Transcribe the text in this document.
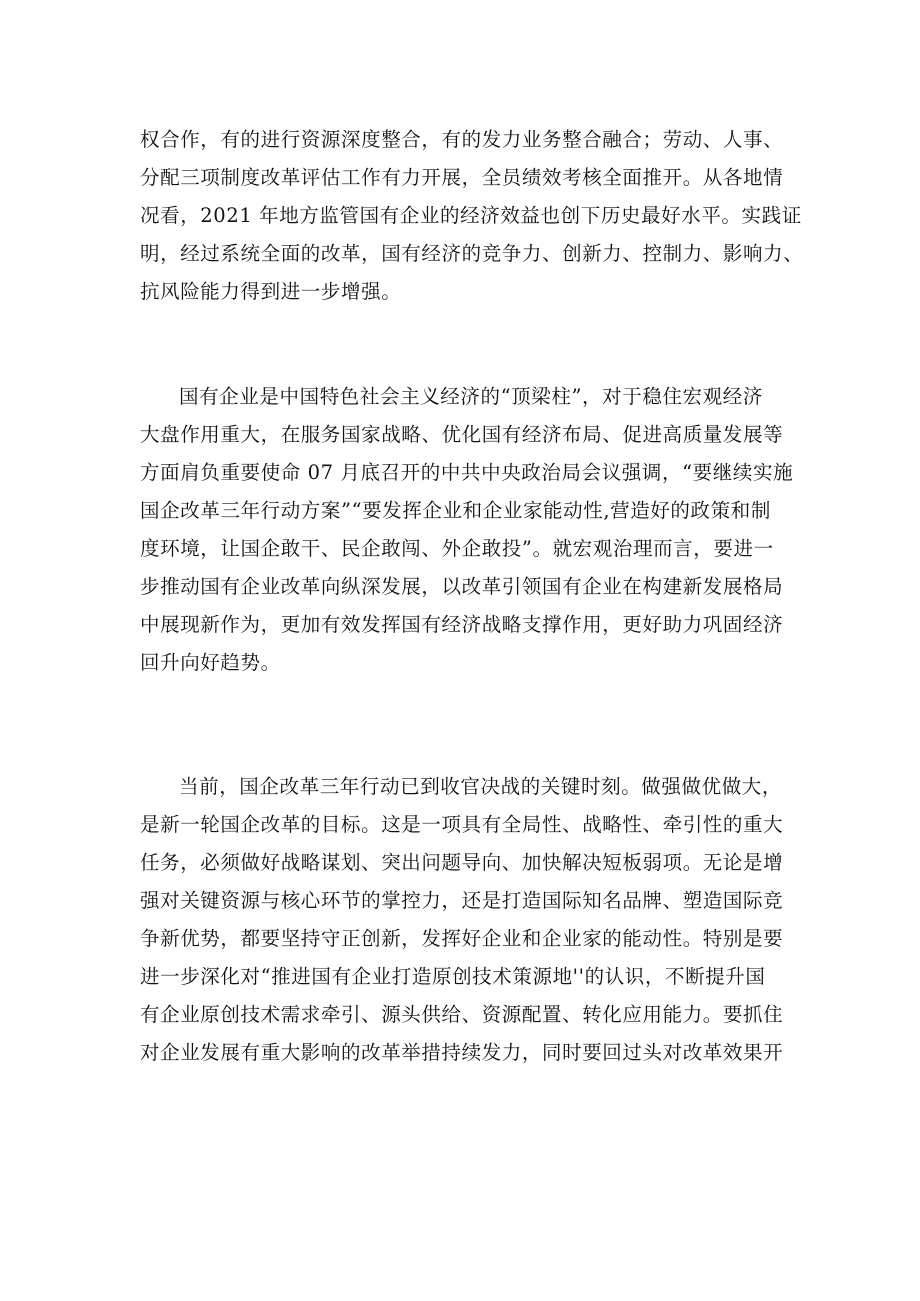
权合作，有的进行资源深度整合，有的发力业务整合融合；劳动、人事、
分配三项制度改革评估工作有力开展，全员绩效考核全面推开。从各地情
况看，2021 年地方监管国有企业的经济效益也创下历史最好水平。实践证
明，经过系统全面的改革，国有经济的竞争力、创新力、控制力、影响力、
抗风险能力得到进一步增强。
国有企业是中国特色社会主义经济的“顶梁柱”，对于稳住宏观经济
大盘作用重大，在服务国家战略、优化国有经济布局、促进高质量发展等
方面肩负重要使命 07 月底召开的中共中央政治局会议强调，“要继续实施
国企改革三年行动方案”“要发挥企业和企业家能动性,营造好的政策和制
度环境，让国企敢干、民企敢闯、外企敢投”。就宏观治理而言，要进一
步推动国有企业改革向纵深发展，以改革引领国有企业在构建新发展格局
中展现新作为，更加有效发挥国有经济战略支撑作用，更好助力巩固经济
回升向好趋势。
当前，国企改革三年行动已到收官决战的关键时刻。做强做优做大，
是新一轮国企改革的目标。这是一项具有全局性、战略性、牵引性的重大
任务，必须做好战略谋划、突出问题导向、加快解决短板弱项。无论是增
强对关键资源与核心环节的掌控力，还是打造国际知名品牌、塑造国际竞
争新优势，都要坚持守正创新，发挥好企业和企业家的能动性。特别是要
进一步深化对“推进国有企业打造原创技术策源地''的认识，不断提升国
有企业原创技术需求牵引、源头供给、资源配置、转化应用能力。要抓住
对企业发展有重大影响的改革举措持续发力，同时要回过头对改革效果开
